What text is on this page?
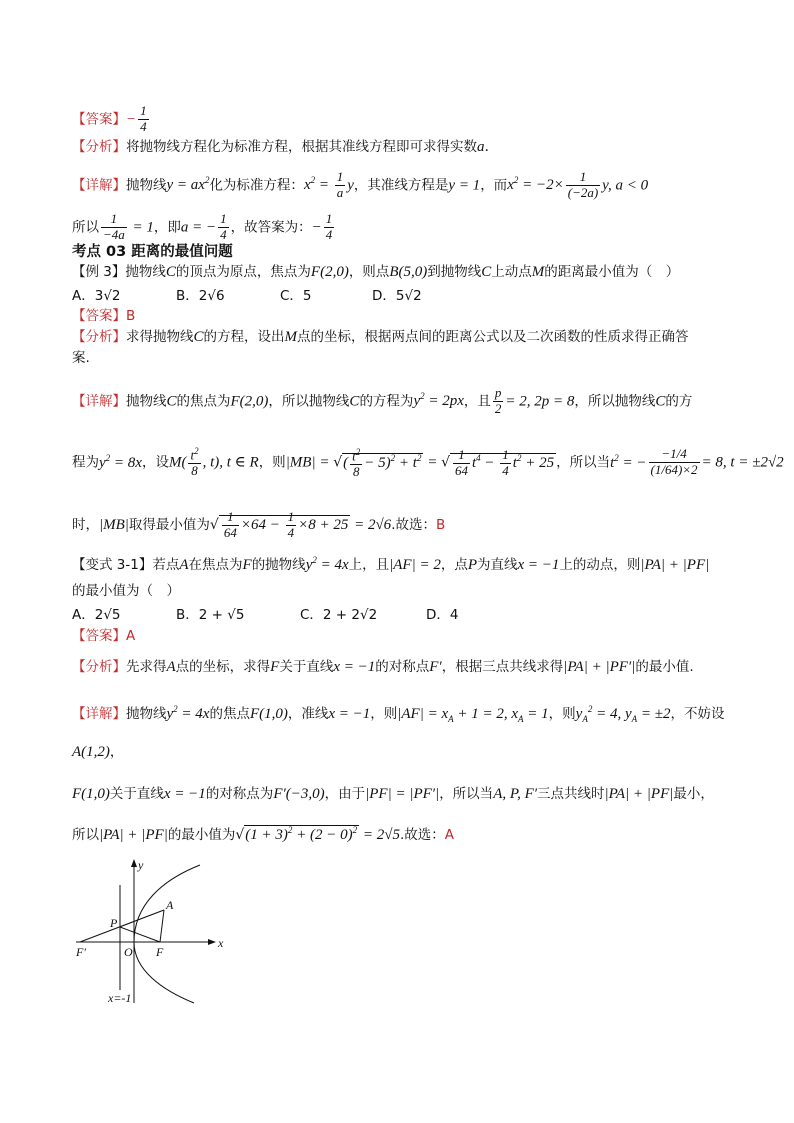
【答案】− $\frac{1}{4}$
【分析】将抛物线方程化为标准方程，根据其准线方程即可求得实数a.
【详解】抛物线$y = ax^2$化为标准方程：$x^2 = \frac{1}{a}$ y，其准线方程是y = 1，而$x^2 = -2\times \frac{1}{(-2a)} y$, a < 0
所以 $\frac{1}{-4a} = 1$，即a = − $\frac{1}{4}$ ，故答案为：− $\frac{1}{4}$
考点 03 距离的最值问题
【例 3】抛物线C的顶点为原点，焦点为F(2,0)，则点B(5,0)到抛物线C上动点M的距离最小值为（　）
A．3√2	B．2√6	C．5	D．5√2
【答案】B
【分析】求得抛物线C的方程，设出M点的坐标，根据两点间的距离公式以及二次函数的性质求得正确答
案.
【详解】抛物线C的焦点为F(2,0)，所以抛物线C的方程为$y^2 = 2px$，且 $\frac{p}{2} = 2$, 2p = 8，所以抛物线C的方
程为$y^2 = 8x$，设$M( \frac{t^2}{8}$ , t), t ∈ R，则|MB| = √( $\frac{t^2}{8} - 5)^2 + t^2$ = √ $\frac{1}{64} t^4 - \frac{1}{4} t^2 + 25$ ，所以当$t^2$ = − $\frac{-1/4}{(1/64)\times 2} = 8$, t = ±2√2
时，|MB|取得最小值为√ $\frac{1}{64} \times 64 - \frac{1}{4} \times 8 + 25 = 2√6$.故选：B
【变式 3-1】若点A在焦点为F的抛物线$y^2 = 4x$上，且|AF| = 2，点P为直线x = −1上的动点，则|PA| + |PF|
的最小值为（　）
A．2√5	B．2 + √5	C．2 + 2√2	D．4
【答案】A
【分析】先求得A点的坐标，求得F关于直线x = −1的对称点F′，根据三点共线求得|PA| + |PF′|的最小值.
【详解】抛物线$y^2 = 4x$的焦点F(1,0)，准线x = −1，则$|AF| = x_A + 1 = 2$, $x_A = 1$，则$y_A^2 = 4$, $y_A = \pm 2$，不妨设
A(1,2)，
F(1,0)关于直线x = −1的对称点为F′(−3,0)，由于|PF| = |PF′|，所以当A, P, F′三点共线时|PA| + |PF|最小，
所以|PA| + |PF|的最小值为$√(1 + 3)^2 + (2 - 0)^2 = 2√5$.故选：A
y
x
O F
F′
P
A
x=-1
